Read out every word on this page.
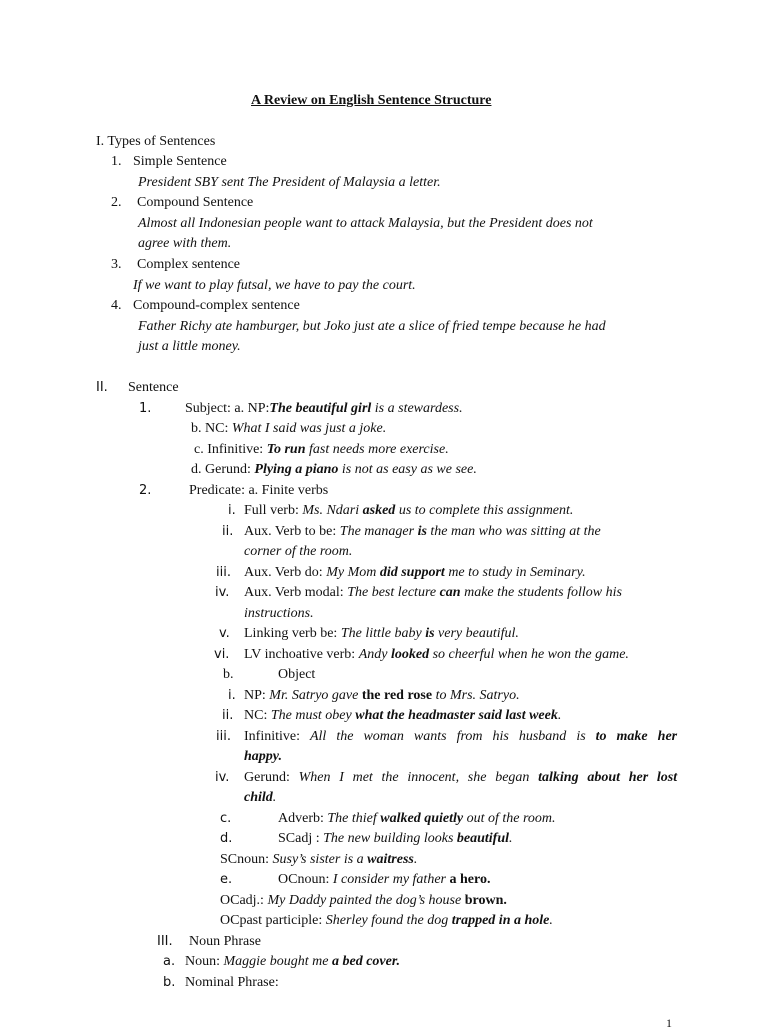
A Review on English Sentence Structure
I. Types of Sentences
1. Simple Sentence
President SBY sent The President of Malaysia a letter.
2. Compound Sentence
Almost all Indonesian people want to attack Malaysia, but the President does not
agree with them.
3. Complex sentence
If we want to play futsal, we have to pay the court.
4. Compound-complex sentence
Father Richy ate hamburger, but Joko just ate a slice of fried tempe because he had
just a little money.
II. Sentence
1. Subject: a. NP:The beautiful girl is a stewardess.
b. NC: What I said was just a joke.
c. Infinitive: To run fast needs more exercise.
d. Gerund: Plying a piano is not as easy as we see.
2.	Predicate: a. Finite verbs
i. Full verb: Ms. Ndari asked us to complete this assignment.
ii. Aux. Verb to be: The manager is the man who was sitting at the
corner of the room.
iii. Aux. Verb do: My Mom did support me to study in Seminary.
iv. Aux. Verb modal: The best lecture can make the students follow his
instructions.
v. Linking verb be: The little baby is very beautiful.
vi. LV inchoative verb: Andy looked so cheerful when he won the game.
b.	Object
i. NP: Mr. Satryo gave the red rose to Mrs. Satryo.
ii. NC: The must obey what the headmaster said last week.
iii. Infinitive: All the woman wants from his husband is to make her
happy.
iv. Gerund: When I met the innocent, she began talking about her lost
child.
c.	Adverb: The thief walked quietly out of the room.
d.	SCadj : The new building looks beautiful.
SCnoun: Susy’s sister is a waitress.
e.	OCnoun: I consider my father a hero.
OCadj.: My Daddy painted the dog’s house brown.
OCpast participle: Sherley found the dog trapped in a hole.
III. Noun Phrase
a. Noun: Maggie bought me a bed cover.
b. Nominal Phrase:
1
